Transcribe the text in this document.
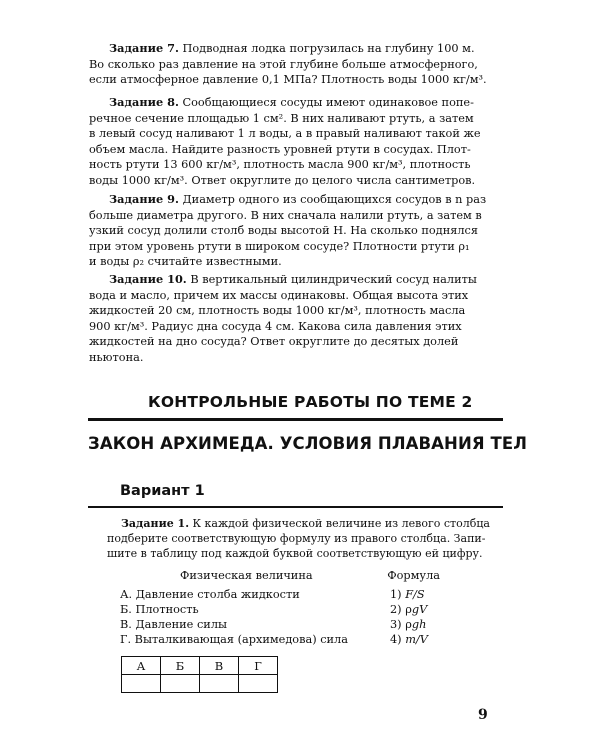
Задание 7. Подводная лодка погрузилась на глубину 100 м.
Во сколько раз давление на этой глубине больше атмосферного,
если атмосферное давление 0,1 МПа? Плотность воды 1000 кг/м³.
Задание 8. Сообщающиеся сосуды имеют одинаковое попе-
речное сечение площадью 1 см². В них наливают ртуть, а затем
в левый сосуд наливают 1 л воды, а в правый наливают такой же
объем масла. Найдите разность уровней ртути в сосудах. Плот-
ность ртути 13 600 кг/м³, плотность масла 900 кг/м³, плотность
воды 1000 кг/м³. Ответ округлите до целого числа сантиметров.
Задание 9. Диаметр одного из сообщающихся сосудов в n раз
больше диаметра другого. В них сначала налили ртуть, а затем в
узкий сосуд долили столб воды высотой H. На сколько поднялся
при этом уровень ртути в широком сосуде? Плотности ртути ρ₁
и воды ρ₂ считайте известными.
Задание 10. В вертикальный цилиндрический сосуд налиты
вода и масло, причем их массы одинаковы. Общая высота этих
жидкостей 20 см, плотность воды 1000 кг/м³, плотность масла
900 кг/м³. Радиус дна сосуда 4 см. Какова сила давления этих
жидкостей на дно сосуда? Ответ округлите до десятых долей
ньютона.
КОНТРОЛЬНЫЕ РАБОТЫ ПО ТЕМЕ 2
ЗАКОН АРХИМЕДА. УСЛОВИЯ ПЛАВАНИЯ ТЕЛ
Вариант 1
Задание 1. К каждой физической величине из левого столбца
подберите соответствующую формулу из правого столбца. Запи-
шите в таблицу под каждой буквой соответствующую ей цифру.
Физическая величина	Формула
А. Давление столба жидкости	1) F/S
Б. Плотность	2) ρgV
В. Давление силы	3) ρgh
Г. Выталкивающая (архимедова) сила	4) m/V
А	Б	В	Г

9
